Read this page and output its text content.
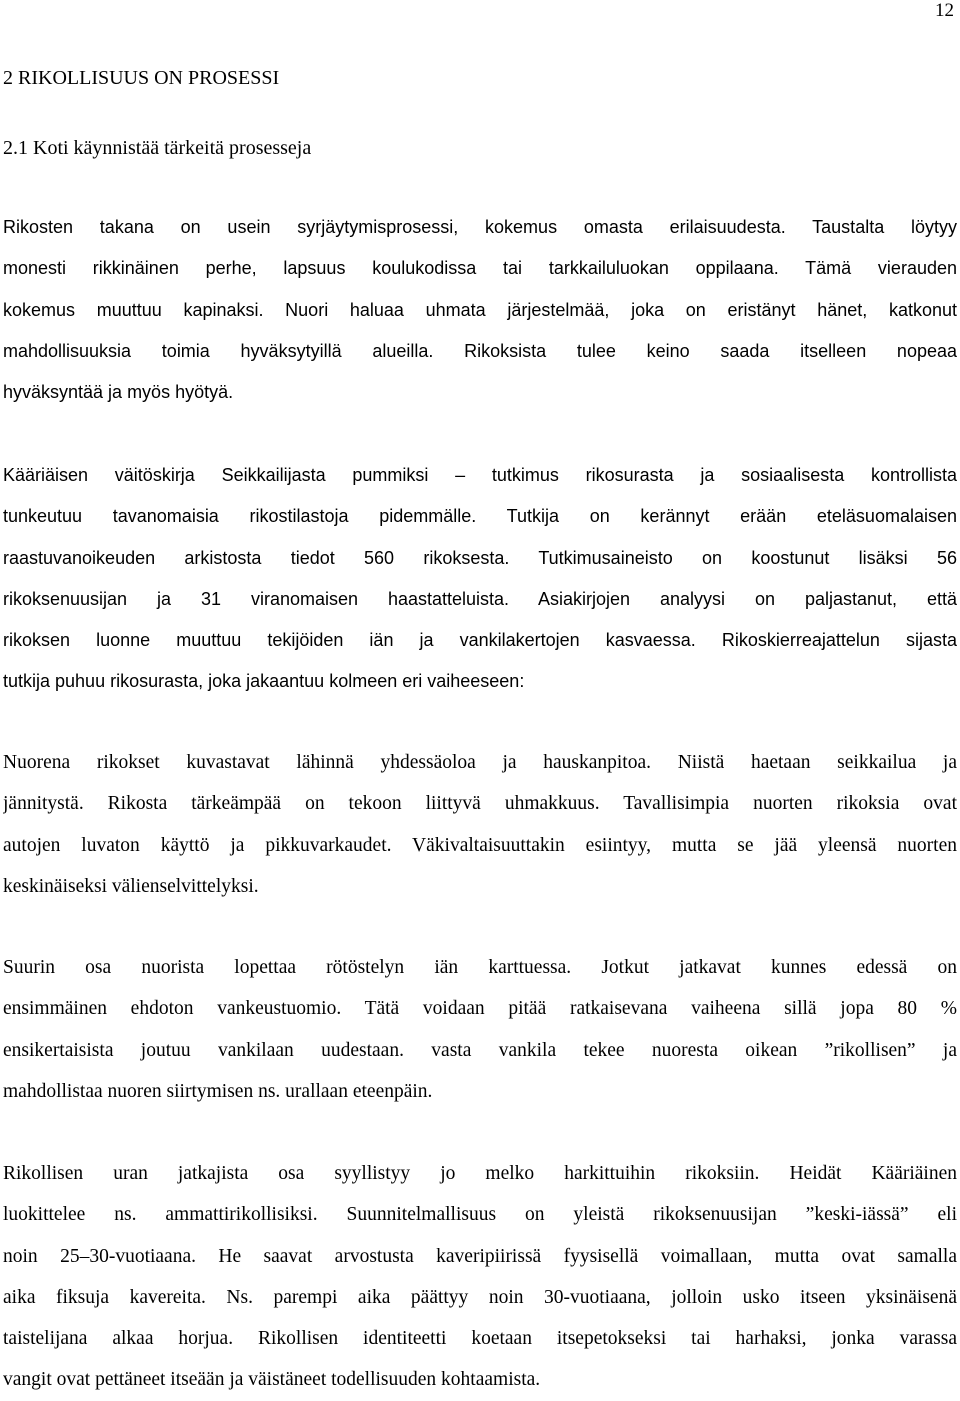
12
2 RIKOLLISUUS ON PROSESSI
2.1 Koti käynnistää tärkeitä prosesseja
Rikosten takana on usein syrjäytymisprosessi, kokemus omasta erilaisuudesta. Taustalta löytyy
monesti rikkinäinen perhe, lapsuus koulukodissa tai tarkkailuluokan oppilaana. Tämä vierauden
kokemus muuttuu kapinaksi. Nuori haluaa uhmata järjestelmää, joka on eristänyt hänet, katkonut
mahdollisuuksia toimia hyväksytyillä alueilla. Rikoksista tulee keino saada itselleen nopeaa
hyväksyntää ja myös hyötyä.
Kääriäisen väitöskirja Seikkailijasta pummiksi – tutkimus rikosurasta ja sosiaalisesta kontrollista
tunkeutuu tavanomaisia rikostilastoja pidemmälle. Tutkija on kerännyt erään eteläsuomalaisen
raastuvanoikeuden arkistosta tiedot 560 rikoksesta. Tutkimusaineisto on koostunut lisäksi 56
rikoksenuusijan ja 31 viranomaisen haastatteluista. Asiakirjojen analyysi on paljastanut, että
rikoksen luonne muuttuu tekijöiden iän ja vankilakertojen kasvaessa. Rikoskierreajattelun sijasta
tutkija puhuu rikosurasta, joka jakaantuu kolmeen eri vaiheeseen:
Nuorena rikokset kuvastavat lähinnä yhdessäoloa ja hauskanpitoa. Niistä haetaan seikkailua ja
jännitystä. Rikosta tärkeämpää on tekoon liittyvä uhmakkuus. Tavallisimpia nuorten rikoksia ovat
autojen luvaton käyttö ja pikkuvarkaudet. Väkivaltaisuuttakin esiintyy, mutta se jää yleensä nuorten
keskinäiseksi välienselvittelyksi.
Suurin osa nuorista lopettaa rötöstelyn iän karttuessa. Jotkut jatkavat kunnes edessä on
ensimmäinen ehdoton vankeustuomio. Tätä voidaan pitää ratkaisevana vaiheena sillä jopa 80 %
ensikertaisista joutuu vankilaan uudestaan. vasta vankila tekee nuoresta oikean ”rikollisen” ja
mahdollistaa nuoren siirtymisen ns. urallaan eteenpäin.
Rikollisen uran jatkajista osa syyllistyy jo melko harkittuihin rikoksiin. Heidät Kääriäinen
luokittelee ns. ammattirikollisiksi. Suunnitelmallisuus on yleistä rikoksenuusijan ”keski-iässä” eli
noin 25–30-vuotiaana. He saavat arvostusta kaveripiirissä fyysisellä voimallaan, mutta ovat samalla
aika fiksuja kavereita. Ns. parempi aika päättyy noin 30-vuotiaana, jolloin usko itseen yksinäisenä
taistelijana alkaa horjua. Rikollisen identiteetti koetaan itsepetokseksi tai harhaksi, jonka varassa
vangit ovat pettäneet itseään ja väistäneet todellisuuden kohtaamista.
